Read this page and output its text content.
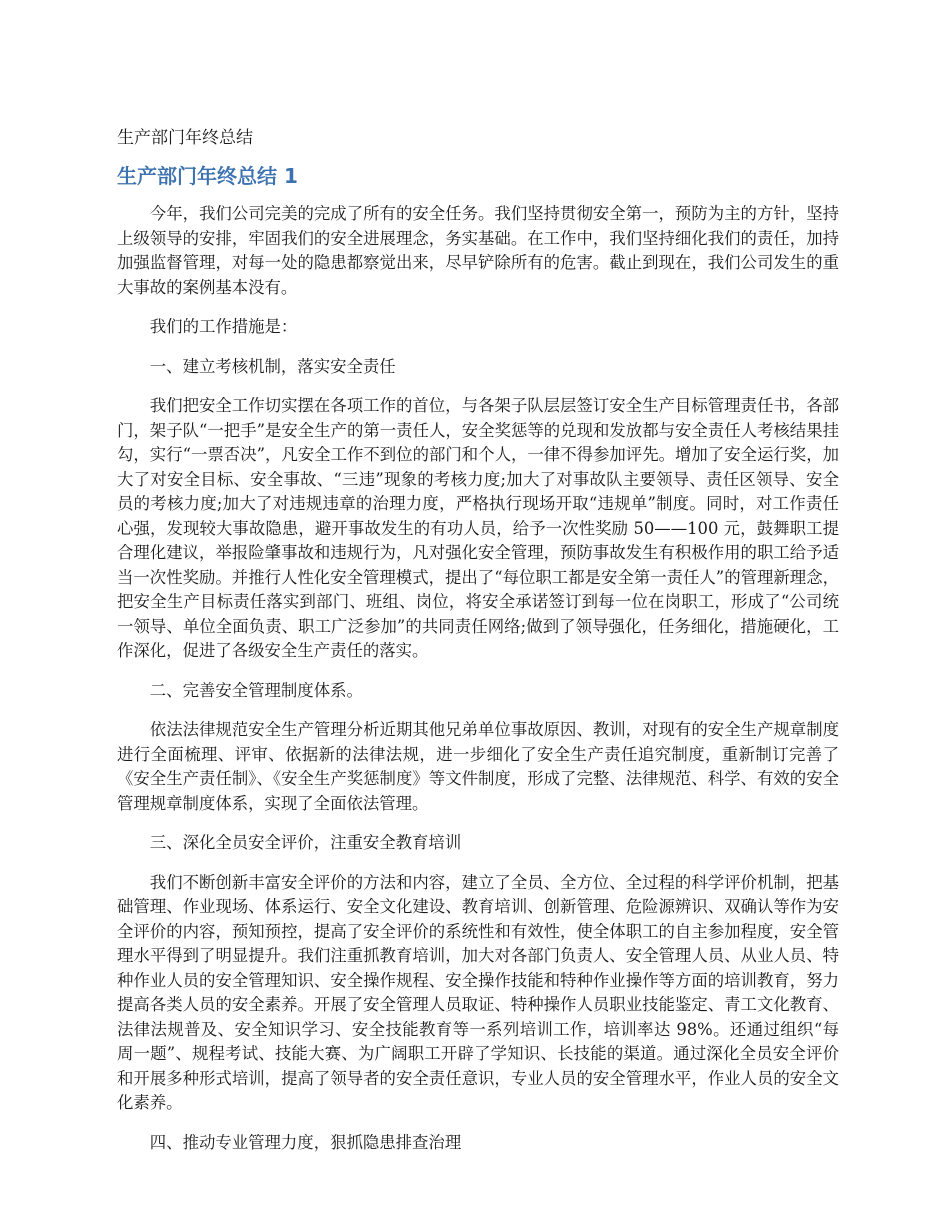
生产部门年终总结
生产部门年终总结 1

今年，我们公司完美的完成了所有的安全任务。我们坚持贯彻安全第一，预防为主的方针，坚持上级领导的安排，牢固我们的安全进展理念，务实基础。在工作中，我们坚持细化我们的责任，加持加强监督管理，对每一处的隐患都察觉出来，尽早铲除所有的危害。截止到现在，我们公司发生的重大事故的案例基本没有。

我们的工作措施是：

一、建立考核机制，落实安全责任

我们把安全工作切实摆在各项工作的首位，与各架子队层层签订安全生产目标管理责任书，各部门，架子队“一把手”是安全生产的第一责任人，安全奖惩等的兑现和发放都与安全责任人考核结果挂勾，实行“一票否决”，凡安全工作不到位的部门和个人，一律不得参加评先。增加了安全运行奖，加大了对安全目标、安全事故、“三违”现象的考核力度;加大了对事故队主要领导、责任区领导、安全员的考核力度;加大了对违规违章的治理力度，严格执行现场开取“违规单”制度。同时，对工作责任心强，发现较大事故隐患，避开事故发生的有功人员，给予一次性奖励 50——100 元，鼓舞职工提合理化建议，举报险肇事故和违规行为，凡对强化安全管理，预防事故发生有积极作用的职工给予适当一次性奖励。并推行人性化安全管理模式，提出了“每位职工都是安全第一责任人”的管理新理念，把安全生产目标责任落实到部门、班组、岗位，将安全承诺签订到每一位在岗职工，形成了“公司统一领导、单位全面负责、职工广泛参加”的共同责任网络;做到了领导强化，任务细化，措施硬化，工作深化，促进了各级安全生产责任的落实。

二、完善安全管理制度体系。

依法法律规范安全生产管理分析近期其他兄弟单位事故原因、教训，对现有的安全生产规章制度进行全面梳理、评审、依据新的法律法规，进一步细化了安全生产责任追究制度，重新制订完善了《安全生产责任制》、《安全生产奖惩制度》等文件制度，形成了完整、法律规范、科学、有效的安全管理规章制度体系，实现了全面依法管理。

三、深化全员安全评价，注重安全教育培训

我们不断创新丰富安全评价的方法和内容，建立了全员、全方位、全过程的科学评价机制，把基础管理、作业现场、体系运行、安全文化建设、教育培训、创新管理、危险源辨识、双确认等作为安全评价的内容，预知预控，提高了安全评价的系统性和有效性，使全体职工的自主参加程度，安全管理水平得到了明显提升。我们注重抓教育培训，加大对各部门负责人、安全管理人员、从业人员、特种作业人员的安全管理知识、安全操作规程、安全操作技能和特种作业操作等方面的培训教育，努力提高各类人员的安全素养。开展了安全管理人员取证、特种操作人员职业技能鉴定、青工文化教育、法律法规普及、安全知识学习、安全技能教育等一系列培训工作，培训率达 98%。还通过组织“每周一题”、规程考试、技能大赛、为广阔职工开辟了学知识、长技能的渠道。通过深化全员安全评价和开展多种形式培训，提高了领导者的安全责任意识，专业人员的安全管理水平，作业人员的安全文化素养。

四、推动专业管理力度，狠抓隐患排查治理
